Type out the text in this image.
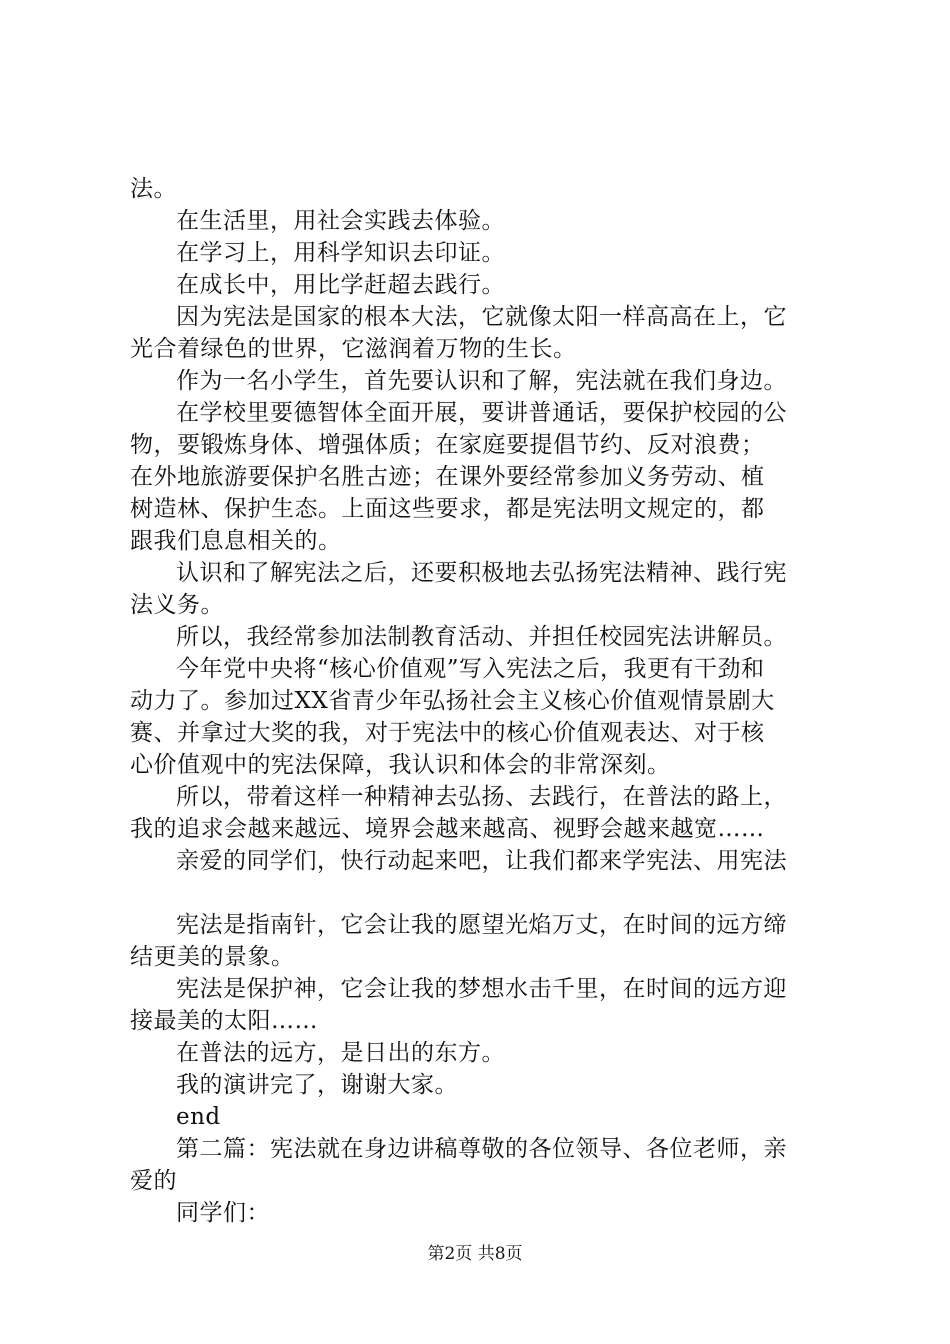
法。
在生活里，用社会实践去体验。
在学习上，用科学知识去印证。
在成长中，用比学赶超去践行。
因为宪法是国家的根本大法，它就像太阳一样高高在上，它
光合着绿色的世界，它滋润着万物的生长。
作为一名小学生，首先要认识和了解，宪法就在我们身边。
在学校里要德智体全面开展，要讲普通话，要保护校园的公
物，要锻炼身体、增强体质；在家庭要提倡节约、反对浪费；
在外地旅游要保护名胜古迹；在课外要经常参加义务劳动、植
树造林、保护生态。上面这些要求，都是宪法明文规定的，都
跟我们息息相关的。
认识和了解宪法之后，还要积极地去弘扬宪法精神、践行宪
法义务。
所以，我经常参加法制教育活动、并担任校园宪法讲解员。
今年党中央将“核心价值观”写入宪法之后，我更有干劲和
动力了。参加过XX省青少年弘扬社会主义核心价值观情景剧大
赛、并拿过大奖的我，对于宪法中的核心价值观表达、对于核
心价值观中的宪法保障，我认识和体会的非常深刻。
所以，带着这样一种精神去弘扬、去践行，在普法的路上，
我的追求会越来越远、境界会越来越高、视野会越来越宽……
亲爱的同学们，快行动起来吧，让我们都来学宪法、用宪法
宪法是指南针，它会让我的愿望光焰万丈，在时间的远方缔
结更美的景象。
宪法是保护神，它会让我的梦想水击千里，在时间的远方迎
接最美的太阳……
在普法的远方，是日出的东方。
我的演讲完了，谢谢大家。
end
第二篇：宪法就在身边讲稿尊敬的各位领导、各位老师，亲
爱的
同学们：
第2页 共8页
